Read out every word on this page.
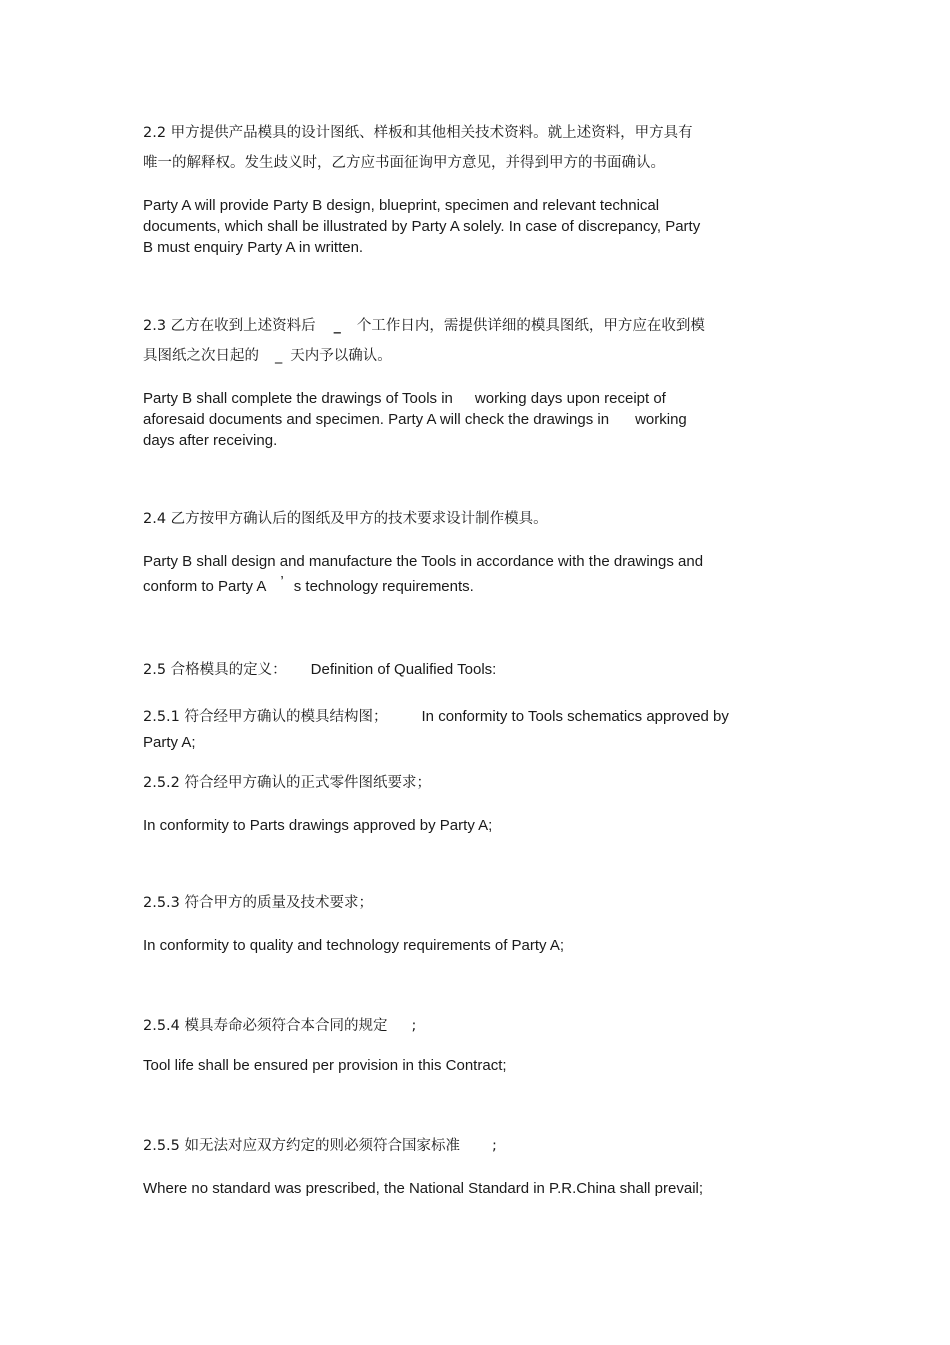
2.2 甲方提供产品模具的设计图纸、样板和其他相关技术资料。就上述资料，甲方具有
唯一的解释权。发生歧义时，乙方应书面征询甲方意见，并得到甲方的书面确认。
Party A will provide Party B design, blueprint, specimen and relevant technical
documents, which shall be illustrated by Party A solely. In case of discrepancy, Party
B must enquiry Party A in written.
2.3 乙方在收到上述资料后 _ 个工作日内，需提供详细的模具图纸，甲方应在收到模
具图纸之次日起的 _ 天内予以确认。
Party B shall complete the drawings of Tools in working days upon receipt of
aforesaid documents and specimen. Party A will check the drawings in working
days after receiving.
2.4 乙方按甲方确认后的图纸及甲方的技术要求设计制作模具。
Party B shall design and manufacture the Tools in accordance with the drawings and
conform to Party A ’ s technology requirements.
2.5 合格模具的定义： Definition of Qualified Tools:
2.5.1 符合经甲方确认的模具结构图； In conformity to Tools schematics approved by
Party A;
2.5.2 符合经甲方确认的正式零件图纸要求；
In conformity to Parts drawings approved by Party A;
2.5.3 符合甲方的质量及技术要求；
In conformity to quality and technology requirements of Party A;
2.5.4 模具寿命必须符合本合同的规定 ;
Tool life shall be ensured per provision in this Contract;
2.5.5 如无法对应双方约定的则必须符合国家标准 ;
Where no standard was prescribed, the National Standard in P.R.China shall prevail;
